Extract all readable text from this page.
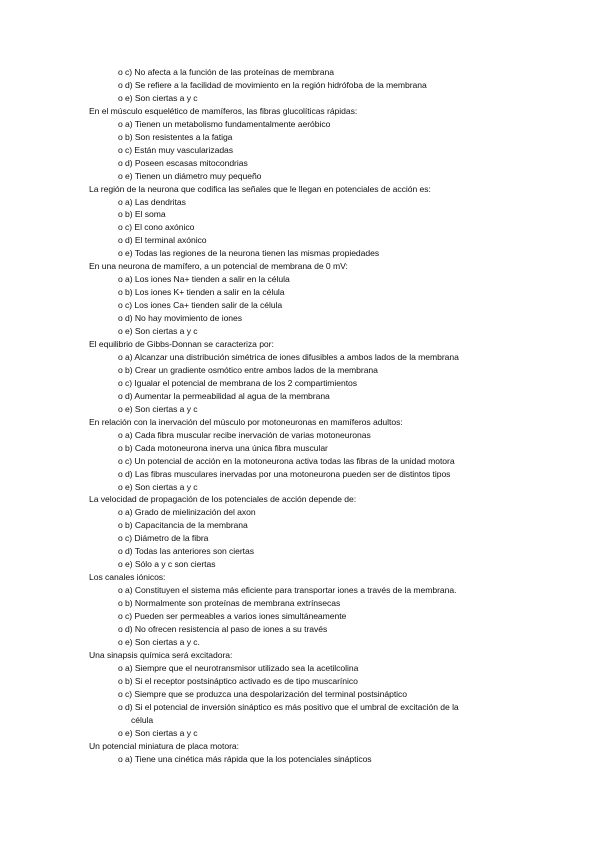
o c) No afecta a la función de las proteínas de membrana
o d) Se refiere a la facilidad de movimiento en la región hidrófoba de la membrana
o e) Son ciertas a y c
En el músculo esquelético de mamíferos, las fibras glucolíticas rápidas:
o a) Tienen un metabolismo fundamentalmente aeróbico
o b) Son resistentes a la fatiga
o c) Están muy vascularizadas
o d) Poseen escasas mitocondrias
o e) Tienen un diámetro muy pequeño
La región de la neurona que codifica las señales que le llegan en potenciales de acción es:
o a) Las dendritas
o b) El soma
o c) El cono axónico
o d) El terminal axónico
o e) Todas las regiones de la neurona tienen las mismas propiedades
En una neurona de mamífero, a un potencial de membrana de 0 mV:
o a) Los iones Na+ tienden a salir en la célula
o b) Los iones K+ tienden a salir en la célula
o c) Los iones Ca+ tienden salir de la célula
o d) No hay movimiento de iones
o e) Son ciertas a y c
El equilibrio de Gibbs-Donnan se caracteriza por:
o a) Alcanzar una distribución simétrica de iones difusibles a ambos lados de la membrana
o b) Crear un gradiente osmótico entre ambos lados de la membrana
o c) Igualar el potencial de membrana de los 2 compartimientos
o d) Aumentar la permeabilidad al agua de la membrana
o e) Son ciertas a y c
En relación con la inervación del músculo por motoneuronas en mamíferos adultos:
o a) Cada fibra muscular recibe inervación de varias motoneuronas
o b) Cada motoneurona inerva una única fibra muscular
o c) Un potencial de acción en la motoneurona activa todas las fibras de la unidad motora
o d) Las fibras musculares inervadas por una motoneurona pueden ser de distintos tipos
o e) Son ciertas a y c
La velocidad de propagación de los potenciales de acción depende de:
o a) Grado de mielinización del axon
o b) Capacitancia de la membrana
o c) Diámetro de la fibra
o d) Todas las anteriores son ciertas
o e) Sólo a y c son ciertas
Los canales iónicos:
o a) Constituyen el sistema más eficiente para transportar iones a través de la membrana.
o b) Normalmente son proteínas de membrana extrínsecas
o c) Pueden ser permeables a varios iones simultáneamente
o d) No ofrecen resistencia al paso de iones a su través
o e) Son ciertas a y c.
Una sinapsis química será excitadora:
o a) Siempre que el neurotransmisor utilizado sea la acetilcolina
o b) Si el receptor postsináptico activado es de tipo muscarínico
o c) Siempre que se produzca una despolarización del terminal postsináptico
o d) Si el potencial de inversión sináptico es más positivo que el umbral de excitación de la
célula
o e) Son ciertas a y c
Un potencial miniatura de placa motora:
o a) Tiene una cinética más rápida que la los potenciales sinápticos
